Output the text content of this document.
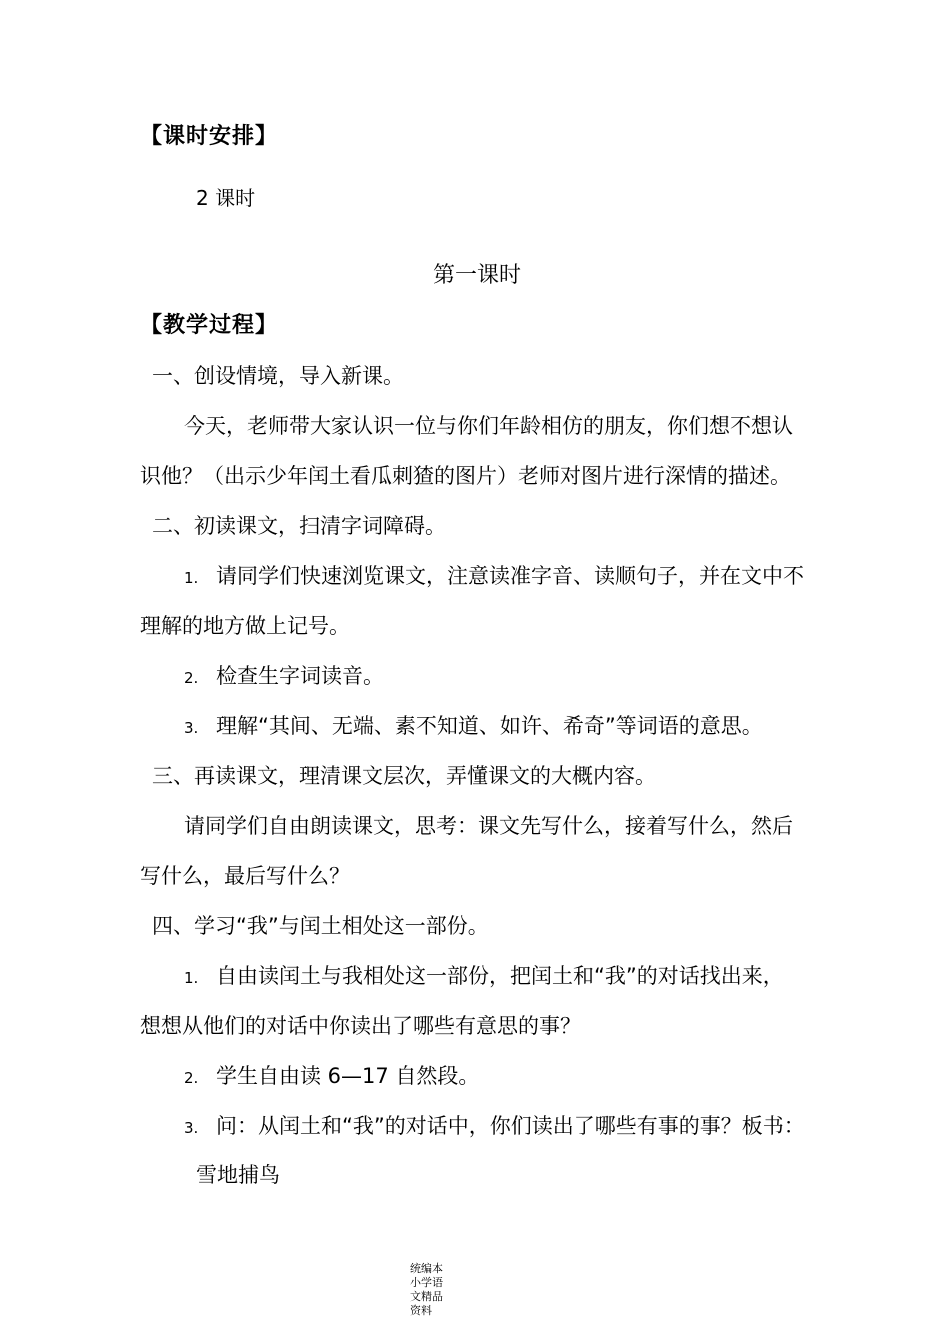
【课时安排】

2 课时

第一课时

【教学过程】

一、创设情境，导入新课。

今天，老师带大家认识一位与你们年龄相仿的朋友，你们想不想认

识他？（出示少年闰土看瓜刺猹的图片）老师对图片进行深情的描述。

二、初读课文，扫清字词障碍。

1. 请同学们快速浏览课文，注意读准字音、读顺句子，并在文中不

理解的地方做上记号。

2. 检查生字词读音。

3. 理解“其间、无端、素不知道、如许、希奇”等词语的意思。

三、再读课文，理清课文层次，弄懂课文的大概内容。

请同学们自由朗读课文，思考：课文先写什么，接着写什么，然后

写什么，最后写什么？

四、学习“我”与闰土相处这一部份。

1. 自由读闰土与我相处这一部份，把闰土和“我”的对话找出来，

想想从他们的对话中你读出了哪些有意思的事？

2. 学生自由读 6—17 自然段。

3. 问：从闰土和“我”的对话中，你们读出了哪些有事的事？板书：

雪地捕鸟

统编本小学语文精品资料
